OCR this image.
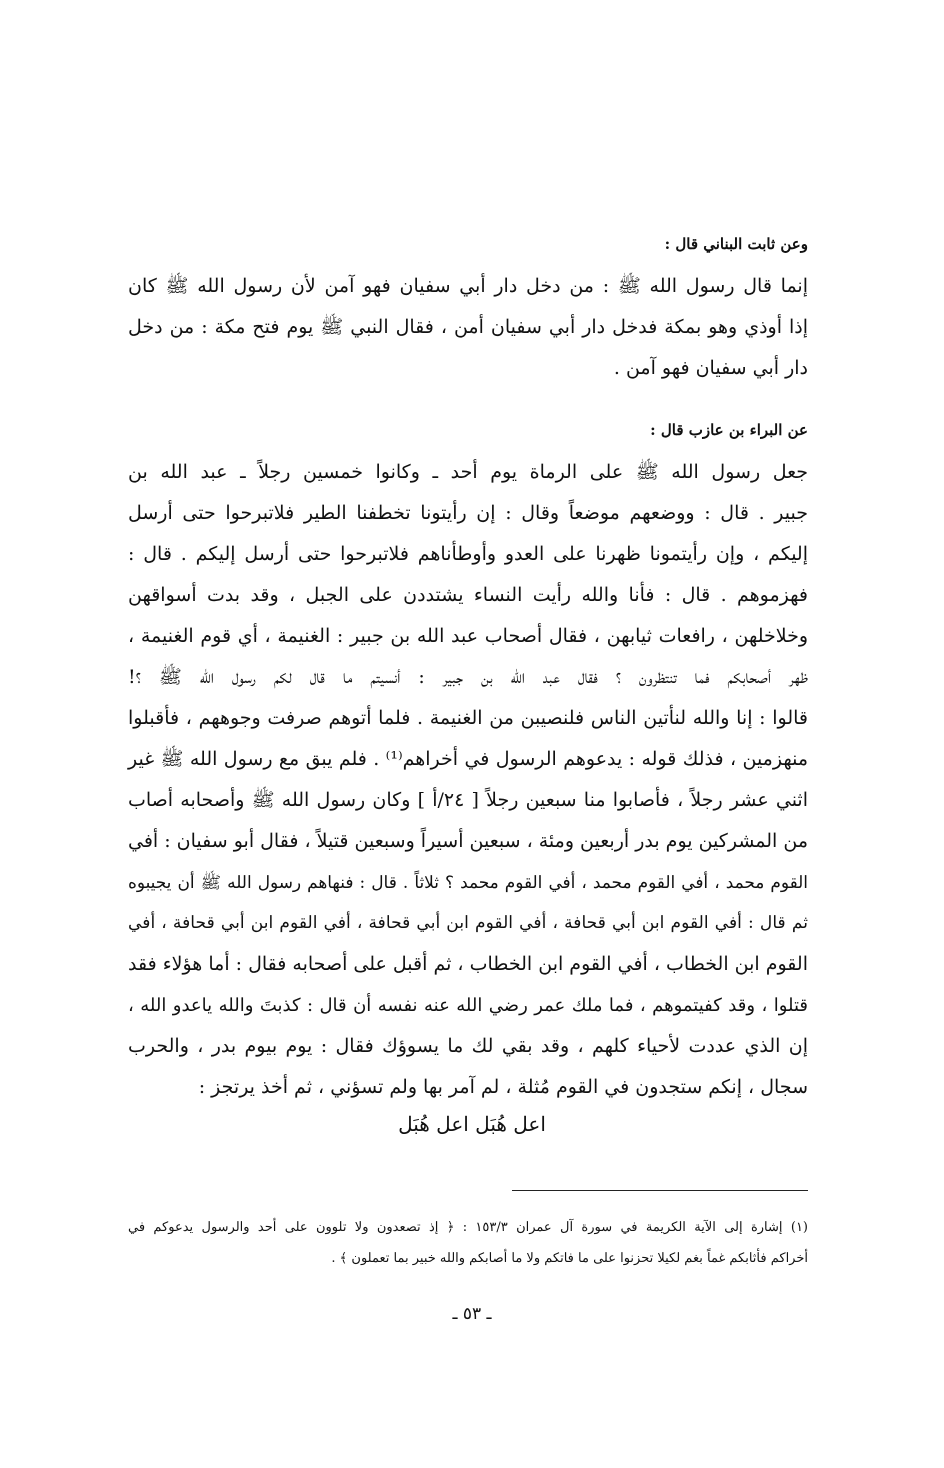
وعن ثابت البناني قال :
إنما قال رسول الله ﷺ : من دخل دار أبي سفيان فهو آمن لأن رسول الله ﷺ كان
إذا أوذي وهو بمكة فدخل دار أبي سفيان أمن ، فقال النبي ﷺ يوم فتح مكة : من دخل
دار أبي سفيان فهو آمن .
عن البراء بن عازب قال :
جعل رسول الله ﷺ على الرماة يوم أحد ـ وكانوا خمسين رجلاً ـ عبد الله بن
جبير . قال : ووضعهم موضعاً وقال : إن رأيتونا تخطفنا الطير فلاتبرحوا حتى أرسل
إليكم ، وإن رأيتمونا ظهرنا على العدو وأوطأناهم فلاتبرحوا حتى أرسل إليكم . قال :
فهزموهم . قال : فأنا والله رأيت النساء يشتددن على الجبل ، وقد بدت أسواقهن
وخلاخلهن ، رافعات ثيابهن ، فقال أصحاب عبد الله بن جبير : الغنيمة ، أي قوم الغنيمة ،
ظهر أصحابكم فما تنتظرون ؟ فقال عبد الله بن جبير : أنسيتم ما قال لكم رسول الله ﷺ ؟!
قالوا : إنا والله لنأتين الناس فلنصيبن من الغنيمة . فلما أتوهم صرفت وجوههم ، فأقبلوا
منهزمين ، فذلك قوله : يدعوهم الرسول في أخراهم⁽¹⁾ . فلم يبق مع رسول الله ﷺ غير
اثني عشر رجلاً ، فأصابوا منا سبعين رجلاً [ ٢٤/أ ] وكان رسول الله ﷺ وأصحابه أصاب
من المشركين يوم بدر أربعين ومئة ، سبعين أسيراً وسبعين قتيلاً ، فقال أبو سفيان : أفي
القوم محمد ، أفي القوم محمد ، أفي القوم محمد ؟ ثلاثاً . قال : فنهاهم رسول الله ﷺ أن يجيبوه
ثم قال : أفي القوم ابن أبي قحافة ، أفي القوم ابن أبي قحافة ، أفي القوم ابن أبي قحافة ، أفي
القوم ابن الخطاب ، أفي القوم ابن الخطاب ، ثم أقبل على أصحابه فقال : أما هؤلاء فقد
قتلوا ، وقد كفيتموهم ، فما ملك عمر رضي الله عنه نفسه أن قال : كذبتَ والله ياعدو الله ،
إن الذي عددت لأحياء كلهم ، وقد بقي لك ما يسوؤك فقال : يوم بيوم بدر ، والحرب
سجال ، إنكم ستجدون في القوم مُثلة ، لم آمر بها ولم تسؤني ، ثم أخذ يرتجز :
اعل هُبَل اعل هُبَل
(١) إشارة إلى الآية الكريمة في سورة آل عمران ١٥٣/٣ : ﴿ إذ تصعدون ولا تلوون على أحد والرسول يدعوكم في
أخراكم فأثابكم غماً بغم لكيلا تحزنوا على ما فاتكم ولا ما أصابكم والله خبير بما تعملون ﴾ .
ـ ٥٣ ـ
